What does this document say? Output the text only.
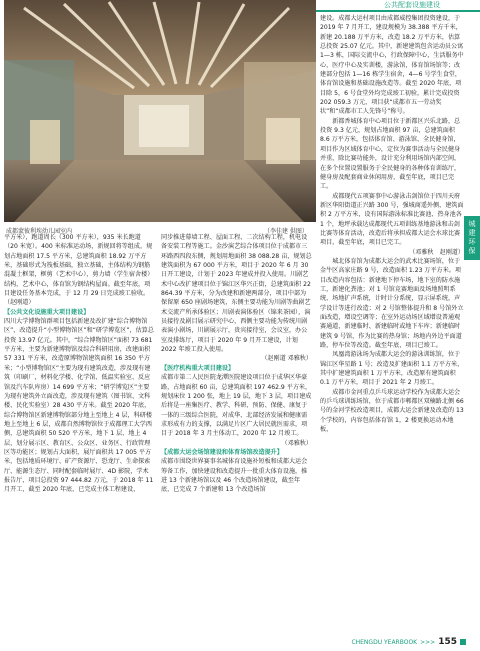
公共配套设施建设
成都蒙彼利埃幼儿园室内	（李佳建 供图）

平方米），跑道周长（300 平方米），935 米长跑道（20 米宽）。400 米标准运动场，新规回将等组成，规划占地面积 17.5 平方米，总建筑面积 18.92 万平方米，基础形式为筏板基础，独立基础，主体结构为钢筋混凝土框架，框剪（艺术中心），剪力墙（学生宿舍楼）结构，艺术中心，体育馆为钢结构屋面。截至年底，项目建设任务基本完成，于 12 月 29 日完成竣工验收。（赵刚道）

【公共文化设施重大项目建设】

四川大学博物馆群项目包括新建及改扩建“综合博物馆区”，改造提升“小型博物馆区”和“研学博览区”，估算总投资 13.97 亿元。其中，“综合博物馆区”面积 73 681 平方米，主要为新建博物馆及综合科研用房，改建面积 57 331 平方米，改造原博物馆建筑面积 16 350 平方米；“小型博物馆区”主要为现有建筑改造，涉及现有建筑（印刷厂，材料化学楼、化学馆、低温实验室、反应馆及汽车队库房）14 699 平方米；“研学博览区”主要为现有建筑外立面改造，涉及现有建筑（图书馆、文科楼、民化实验室）28 430 平方米。截至 2020 年底，综合博物馆区新建博物馆部分地上至地上 4 层，科研楼地上至地上 6 层，成都自然博物馆位于成都理工大学西侧，总建筑面积 50 520 平方米，地下 1 层、地上 4 层，划分展示区、教育区、公众区、业务区、行政管理区等功能区；规划占大面积，展厅面积共 17 005 平方米，包括地质环境厅、矿产资源厅、恐龙厅、生命探索厅、能源生态厅、同时配套临时展厅、4D 影院，学术报告厅，项目总投资 97 444.82 万元，于 2018 年 11 月开工，截至 2020 年底，已完成主体工程建设，

同步推进幕墙工程、屋面工程、二次结构工程，机电设备安装工程等施工。金沙演艺综合体项目位于成都市三环路西四段东侧，规划用地面积 38 088.28 亩，规划总建筑面积为 67 000 平方米，项目于 2020 年 6 月 30 日开工建设，计划于 2023 年建成并投入使用。川剧艺术中心改扩建项目位于锦江区华兴正街，总建筑面积 22 864.39 平方米，分为改建和新建两部分，项目中部为保留原 650 座剧场建筑，东侧主要功能为川剧等曲剧艺术交流产所承体验区；川剧表演体验区（锦来茶园），演员接待及剧目展示研究中心，西侧主要功能为传统川剧表演小剧场，川剧展示厅，贵宾接待室，会议室，办公室及排练厅，项目于 2020 年 9 月开工建设，计划 2022 年竣工投入使用。

（赵刚道 邓雅秋）

【医疗机构重大项目建设】

成都市第二人民医院龙潭医院建设项目位于成华区华豪路，占地面积 60 亩，总建筑面积 197 462.9 平方米，规划床位 1 200 张，地上 19 层，地下 3 层，项目建成后将是一座集医疗、教学、科研、预防、保健、康复于一体的三级综合医院，对成华、北部经济发展和健康需求形成有力的支撑，以满足片区广大居民就医需求，项目于 2018 年 3 月主体动工，2020 年 12 月竣工。

（邓雅秋）

【成都大运会场馆建设和体育场馆改造提升】

成都市围绕世界赛事名城体育设施补短板和成都大运会筹备工作，加快建设和改造提升一批重大体育设施，推进 13 个新建场馆以及 46 个改造场馆建设，截至年底，已完成 7 个新建和 13 个改造场馆

建设。成都大运村项目由成都威控集团投资建设，于 2019 年 7 月开工，建设规模为 38.388 平方千米，新建 20.188 万平方米，改造 18.2 万平方米，估算总投资 25.07 亿元。其中，新建建筑包含运动员公寓 1—3 栋，国际交流中心，行政保障中心，生活服务中心，医疗中心及实训楼，游泳馆，体育馆场馆等；改建部分包括 1—16 栋学生宿舍，4—6 号学生食堂，体育馆设施和基础设施改造等。截至 2020 年底，项目除 5，6 号食堂外均完成竣工初验，累计完成投资 202 059.3 万元，项目获“成都市五一劳动奖状”和“成都市工人先锋号”称号。

新都香城体育中心项目位于新都区兴乐北路，总投资 9.3 亿元，规划占地面积 97 亩，总建筑面积 8.6 万平方米，包括体育馆、游泳馆、全民健身馆，项目作为区域体育中心，定位为赛事活动与全民健身并重，除比赛功能外，设计充分利用场馆内部空间，在多个位置设置服务于全民健身的各种体育训练厅，健身房及配套商业休闲用房，截至年底，项目已完工。

成都现代五项赛事中心游泳击剑馆位于四川天府新区华阳街道正兴路 300 号，强城商遥外侧，建筑面积 2 万平方米，设有国际游泳标准比赛池、热身池各 1 个，地坪承载达成都现代五项训练基地游泳和击剑比赛等体育活动，改造后将承担成都大运会水球比赛项目，截至年底，项目已完工。

（邓雅秋　赵刚道）

城北体育馆为成都大运会的武术比赛场馆，位于金牛区高家庄路 9 号，改造面积 1.23 万平方米。项目改造内容包括：新建地下停车场，地下室的防水施工，新建化粪池；对 1 号馆竞赛地面及场地照明系统、场地扩声系统，计时计分系统，显示屏系统，声学设计等进行改造；对 2 号馆整体提升和 8 号馆外立面改造，增设空调等；在室外运动场区域增设普通观赛通道，新建临时、新建临时或地下车库；新建临时建筑 9 号馆，作为比赛的热身馆；场地内外边平面道路，停车位等改造。截至年底，项目已竣工。

凤凰湾游泳场为成都大运会的游泳训练馆，位于锦江区华星路 1 号；改造及扩建面积 1.1 万平方米，其中扩建建筑面积 1 万平方米，改造原有建筑面积 0.1 万平方米，项目于 2021 年 2 月竣工。

成都市金河重点乒乓球运动学校作为成都大运会的乒乓球训练场馆，位于成都市郫都区双楠路北侧 66 号的金河学校改造项目，成都大运会新建及改造的 13 个学校的，内容包括体育馆 1，2 楼更换运动木地板，

城
建
环
保
CHENGDU YEARBOOK >>> 155
